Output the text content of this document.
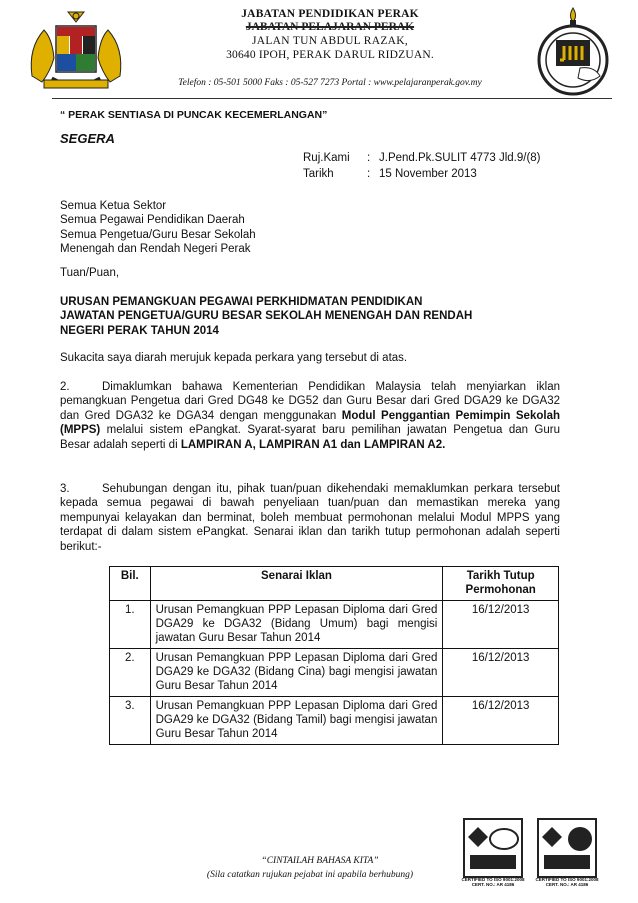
JABATAN PENDIDIKAN PERAK
JABATAN PELAJARAN PERAK
JALAN TUN ABDUL RAZAK,
30640 IPOH, PERAK DARUL RIDZUAN.
Telefon : 05-501 5000 Faks : 05-527 7273 Portal : www.pelajaranperak.gov.my
“ PERAK SENTIASA DI PUNCAK KECEMERLANGAN”
SEGERA
Ruj.Kami	: J.Pend.Pk.SULIT 4773 Jld.9/(8)
Tarikh	: 15 November 2013
Semua Ketua Sektor
Semua Pegawai Pendidikan Daerah
Semua Pengetua/Guru Besar Sekolah
Menengah dan Rendah Negeri Perak
Tuan/Puan,
URUSAN PEMANGKUAN PEGAWAI PERKHIDMATAN PENDIDIKAN
JAWATAN PENGETUA/GURU BESAR SEKOLAH MENENGAH DAN RENDAH
NEGERI PERAK TAHUN 2014
Sukacita saya diarah merujuk kepada perkara yang tersebut di atas.
2.	Dimaklumkan bahawa Kementerian Pendidikan Malaysia telah menyiarkan iklan pemangkuan Pengetua dari Gred DG48 ke DG52 dan Guru Besar dari Gred DGA29 ke DGA32 dan Gred DGA32 ke DGA34 dengan menggunakan Modul Penggantian Pemimpin Sekolah (MPPS) melalui sistem ePangkat. Syarat-syarat baru pemilihan jawatan Pengetua dan Guru Besar adalah seperti di LAMPIRAN A, LAMPIRAN A1 dan LAMPIRAN A2.
3.	Sehubungan dengan itu, pihak tuan/puan dikehendaki memaklumkan perkara tersebut kepada semua pegawai di bawah penyeliaan tuan/puan dan memastikan mereka yang mempunyai kelayakan dan berminat, boleh membuat permohonan melalui Modul MPPS yang terdapat di dalam sistem ePangkat. Senarai iklan dan tarikh tutup permohonan adalah seperti berikut:-
Bil.	Senarai Iklan	Tarikh Tutup Permohonan
1.	Urusan Pemangkuan PPP Lepasan Diploma dari Gred DGA29 ke DGA32 (Bidang Umum) bagi mengisi jawatan Guru Besar Tahun 2014	16/12/2013
2.	Urusan Pemangkuan PPP Lepasan Diploma dari Gred DGA29 ke DGA32 (Bidang Cina) bagi mengisi jawatan Guru Besar Tahun 2014	16/12/2013
3.	Urusan Pemangkuan PPP Lepasan Diploma dari Gred DGA29 ke DGA32 (Bidang Tamil) bagi mengisi jawatan Guru Besar Tahun 2014	16/12/2013
“CINTAILAH BAHASA KITA”
(Sila catatkan rujukan pejabat ini apabila berhubung)	CERTIFIED TO ISO 9001:2008 CERT. NO.: AR 4186
CERTIFIED TO ISO 9001:2008 CERT. NO.: AR 4186
